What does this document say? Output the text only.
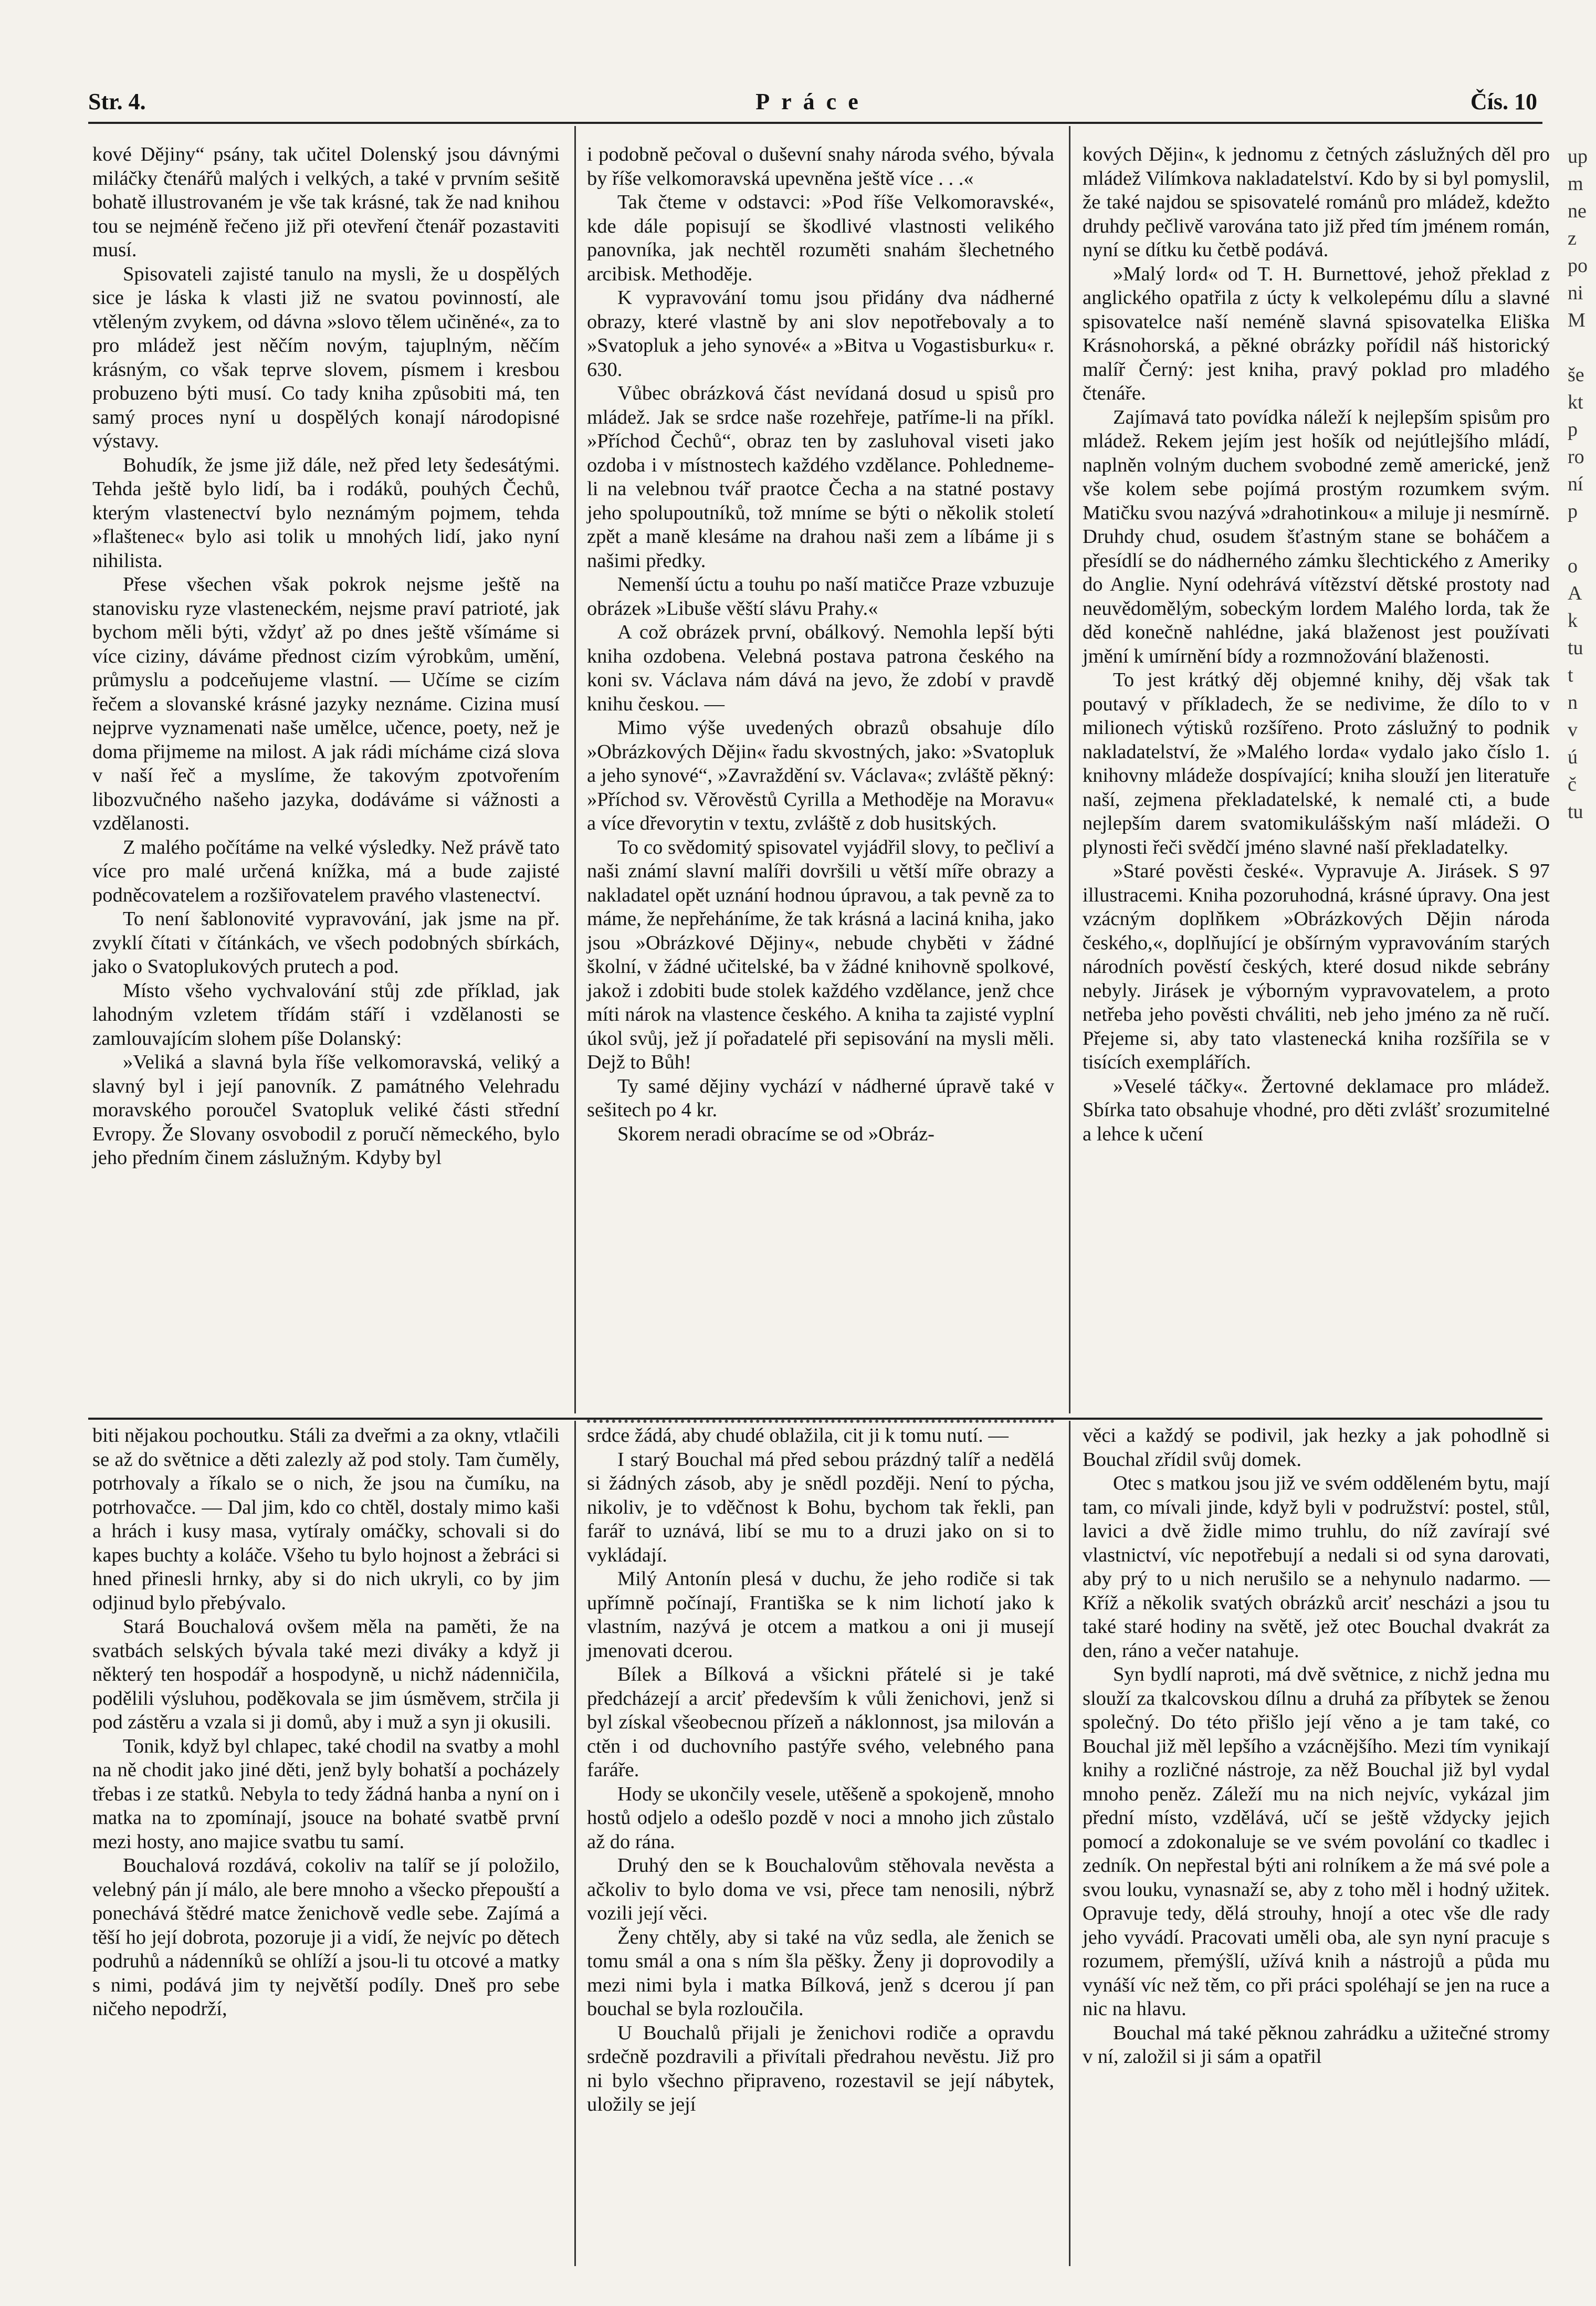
Str. 4.	Práce	Čís. 10

kové Dějiny“ psány, tak učitel Dolenský jsou dávnými miláčky čtenářů malých i velkých, a také v prvním sešitě bohatě illustrovaném je vše tak krásné, tak že nad knihou tou se nejméně řečeno již při otevření čtenář pozastaviti musí.

Spisovateli zajisté tanulo na mysli, že u dospělých sice je láska k vlasti již ne svatou povinností, ale vtěleným zvykem, od dávna »slovo tělem učiněné«, za to pro mládež jest něčím novým, tajuplným, něčím krásným, co však teprve slovem, písmem i kresbou probuzeno býti musí. Co tady kniha způsobiti má, ten samý proces nyní u dospělých konají národopisné výstavy.

Bohudík, že jsme již dále, než před lety šedesátými. Tehda ještě bylo lidí, ba i rodáků, pouhých Čechů, kterým vlastenectví bylo neznámým pojmem, tehda »flaštenec« bylo asi tolik u mnohých lidí, jako nyní nihilista.

Přese všechen však pokrok nejsme ještě na stanovisku ryze vlasteneckém, nejsme praví patrioté, jak bychom měli býti, vždyť až po dnes ještě všímáme si více ciziny, dáváme přednost cizím výrobkům, umění, průmyslu a podceňujeme vlastní. — Učíme se cizím řečem a slovanské krásné jazyky neznáme. Cizina musí nejprve vyznamenati naše umělce, učence, poety, než je doma přijmeme na milost. A jak rádi mícháme cizá slova v naší řeč a myslíme, že takovým zpotvořením libozvučného našeho jazyka, dodáváme si vážnosti a vzdělanosti.

Z malého počítáme na velké výsledky. Než právě tato více pro malé určená knížka, má a bude zajisté podněcovatelem a rozšiřovatelem pravého vlastenectví.

To není šablonovité vypravování, jak jsme na př. zvyklí čítati v čítánkách, ve všech podobných sbírkách, jako o Svatoplukových prutech a pod.

Místo všeho vychvalování stůj zde příklad, jak lahodným vzletem třídám stáří i vzdělanosti se zamlouvajícím slohem píše Dolanský:

»Veliká a slavná byla říše velkomoravská, veliký a slavný byl i její panovník. Z památného Velehradu moravského poroučel Svatopluk veliké části střední Evropy. Že Slovany osvobodil z poručí německého, bylo jeho předním činem záslužným. Kdyby byl

i podobně pečoval o duševní snahy národa svého, bývala by říše velkomoravská upevněna ještě více . . .«

Tak čteme v odstavci: »Pod říše Velkomoravské«, kde dále popisují se škodlivé vlastnosti velikého panovníka, jak nechtěl rozuměti snahám šlechetného arcibisk. Methoděje.

K vypravování tomu jsou přidány dva nádherné obrazy, které vlastně by ani slov nepotřebovaly a to »Svatopluk a jeho synové« a »Bitva u Vogastisburku« r. 630.

Vůbec obrázková část nevídaná dosud u spisů pro mládež. Jak se srdce naše rozehřeje, patříme-li na příkl. »Příchod Čechů“, obraz ten by zasluhoval viseti jako ozdoba i v místnostech každého vzdělance. Pohledneme-li na velebnou tvář praotce Čecha a na statné postavy jeho spolupoutníků, tož mníme se býti o několik století zpět a maně klesáme na drahou naši zem a líbáme ji s našimi předky.

Nemenší úctu a touhu po naší matičce Praze vzbuzuje obrázek »Libuše věští slávu Prahy.«

A což obrázek první, obálkový. Nemohla lepší býti kniha ozdobena. Velebná postava patrona českého na koni sv. Václava nám dává na jevo, že zdobí v pravdě knihu českou. —

Mimo výše uvedených obrazů obsahuje dílo »Obrázkových Dějin« řadu skvostných, jako: »Svatopluk a jeho synové“, »Zavraždění sv. Václava«; zvláště pěkný: »Příchod sv. Věrověstů Cyrilla a Methoděje na Moravu« a více dřevorytin v textu, zvláště z dob husitských.

To co svědomitý spisovatel vyjádřil slovy, to pečliví a naši známí slavní malíři dovršili u větší míře obrazy a nakladatel opět uznání hodnou úpravou, a tak pevně za to máme, že nepřeháníme, že tak krásná a laciná kniha, jako jsou »Obrázkové Dějiny«, nebude chyběti v žádné školní, v žádné učitelské, ba v žádné knihovně spolkové, jakož i zdobiti bude stolek každého vzdělance, jenž chce míti nárok na vlastence českého. A kniha ta zajisté vyplní úkol svůj, jež jí pořadatelé při sepisování na mysli měli. Dejž to Bůh!

Ty samé dějiny vychází v nádherné úpravě také v sešitech po 4 kr.

Skorem neradi obracíme se od »Obráz-

kových Dějin«, k jednomu z četných záslužných děl pro mládež Vilímkova nakladatelství. Kdo by si byl pomyslil, že také najdou se spisovatelé románů pro mládež, kdežto druhdy pečlivě varována tato již před tím jménem román, nyní se dítku ku četbě podává.

»Malý lord« od T. H. Burnettové, jehož překlad z anglického opatřila z úcty k velkolepému dílu a slavné spisovatelce naší neméně slavná spisovatelka Eliška Krásnohorská, a pěkné obrázky pořídil náš historický malíř Černý: jest kniha, pravý poklad pro mladého čtenáře.

Zajímavá tato povídka náleží k nejlepším spisům pro mládež. Rekem jejím jest hošík od nejútlejšího mládí, naplněn volným duchem svobodné země americké, jenž vše kolem sebe pojímá prostým rozumkem svým. Matičku svou nazývá »drahotinkou« a miluje ji nesmírně. Druhdy chud, osudem šťastným stane se boháčem a přesídlí se do nádherného zámku šlechtického z Ameriky do Anglie. Nyní odehrává vítězství dětské prostoty nad neuvědomělým, sobeckým lordem Malého lorda, tak že děd konečně nahlédne, jaká blaženost jest používati jmění k umírnění bídy a rozmnožování blaženosti.

To jest krátký děj objemné knihy, děj však tak poutavý v příkladech, že se nedivime, že dílo to v milionech výtisků rozšířeno. Proto záslužný to podnik nakladatelství, že »Malého lorda« vydalo jako číslo 1. knihovny mládeže dospívající; kniha slouží jen literatuře naší, zejmena překladatelské, k nemalé cti, a bude nejlepším darem svatomikulášským naší mládeži. O plynosti řeči svědčí jméno slavné naší překladatelky.

»Staré pověsti české«. Vypravuje A. Jirásek. S 97 illustracemi. Kniha pozoruhodná, krásné úpravy. Ona jest vzácným doplňkem »Obrázkových Dějin národa českého,«, doplňující je obšírným vypravováním starých národních pověstí českých, které dosud nikde sebrány nebyly. Jirásek je výborným vypravovatelem, a proto netřeba jeho pověsti chváliti, neb jeho jméno za ně ručí. Přejeme si, aby tato vlastenecká kniha rozšířila se v tisících exemplářích.

»Veselé táčky«. Žertovné deklamace pro mládež. Sbírka tato obsahuje vhodné, pro děti zvlášť srozumitelné a lehce k učení

biti nějakou pochoutku. Stáli za dveřmi a za okny, vtlačili se až do světnice a děti zalezly až pod stoly. Tam čuměly, potrhovaly a říkalo se o nich, že jsou na čumíku, na potrhovačce. — Dal jim, kdo co chtěl, dostaly mimo kaši a hrách i kusy masa, vytíraly omáčky, schovali si do kapes buchty a koláče. Všeho tu bylo hojnost a žebráci si hned přinesli hrnky, aby si do nich ukryli, co by jim odjinud bylo přebývalo.

Stará Bouchalová ovšem měla na paměti, že na svatbách selských bývala také mezi diváky a když ji některý ten hospodář a hospodyně, u nichž nádenničila, podělili výsluhou, poděkovala se jim úsměvem, strčila ji pod zástěru a vzala si ji domů, aby i muž a syn ji okusili.

Tonik, když byl chlapec, také chodil na svatby a mohl na ně chodit jako jiné děti, jenž byly bohatší a pocházely třebas i ze statků. Nebyla to tedy žádná hanba a nyní on i matka na to zpomínají, jsouce na bohaté svatbě první mezi hosty, ano majice svatbu tu samí.

Bouchalová rozdává, cokoliv na talíř se jí položilo, velebný pán jí málo, ale bere mnoho a všecko přepouští a ponechává štědré matce ženichově vedle sebe. Zajímá a těší ho její dobrota, pozoruje ji a vidí, že nejvíc po dětech podruhů a nádenníků se ohlíží a jsou-li tu otcové a matky s nimi, podává jim ty největší podíly. Dneš pro sebe ničeho nepodrží,

srdce žádá, aby chudé oblažila, cit ji k tomu nutí. —

I starý Bouchal má před sebou prázdný talíř a nedělá si žádných zásob, aby je snědl později. Není to pýcha, nikoliv, je to vděčnost k Bohu, bychom tak řekli, pan farář to uznává, libí se mu to a druzi jako on si to vykládají.

Milý Antonín plesá v duchu, že jeho rodiče si tak upřímně počínají, Františka se k nim lichotí jako k vlastním, nazývá je otcem a matkou a oni ji musejí jmenovati dcerou.

Bílek a Bílková a všickni přátelé si je také předcházejí a arciť především k vůli ženichovi, jenž si byl získal všeobecnou přízeň a náklonnost, jsa milován a ctěn i od duchovního pastýře svého, velebného pana faráře.

Hody se ukončily vesele, utěšeně a spokojeně, mnoho hostů odjelo a odešlo pozdě v noci a mnoho jich zůstalo až do rána.

Druhý den se k Bouchalovům stěhovala nevěsta a ačkoliv to bylo doma ve vsi, přece tam nenosili, nýbrž vozili její věci.

Ženy chtěly, aby si také na vůz sedla, ale ženich se tomu smál a ona s ním šla pěšky. Ženy ji doprovodily a mezi nimi byla i matka Bílková, jenž s dcerou jí pan bouchal se byla rozloučila.

U Bouchalů přijali je ženichovi rodiče a opravdu srdečně pozdravili a přivítali předrahou nevěstu. Již pro ni bylo všechno připraveno, rozestavil se její nábytek, uložily se její

věci a každý se podivil, jak hezky a jak pohodlně si Bouchal zřídil svůj domek.

Otec s matkou jsou již ve svém odděleném bytu, mají tam, co mívali jinde, když byli v podružství: postel, stůl, lavici a dvě židle mimo truhlu, do níž zavírají své vlastnictví, víc nepotřebují a nedali si od syna darovati, aby prý to u nich nerušilo se a nehynulo nadarmo. — Kříž a několik svatých obrázků arciť nescházi a jsou tu také staré hodiny na světě, jež otec Bouchal dvakrát za den, ráno a večer natahuje.

Syn bydlí naproti, má dvě světnice, z nichž jedna mu slouží za tkalcovskou dílnu a druhá za příbytek se ženou společný. Do této přišlo její věno a je tam také, co Bouchal již měl lepšího a vzácnějšího. Mezi tím vynikají knihy a rozličné nástroje, za něž Bouchal již byl vydal mnoho peněz. Záleží mu na nich nejvíc, vykázal jim přední místo, vzdělává, učí se ještě vždycky jejich pomocí a zdokonaluje se ve svém povolání co tkadlec i zedník. On nepřestal býti ani rolníkem a že má své pole a svou louku, vynasnaží se, aby z toho měl i hodný užitek. Opravuje tedy, dělá strouhy, hnojí a otec vše dle rady jeho vyvádí. Pracovati uměli oba, ale syn nyní pracuje s rozumem, přemýšlí, užívá knih a nástrojů a půda mu vynáší víc než těm, co při práci spoléhají se jen na ruce a nic na hlavu.

Bouchal má také pěknou zahrádku a užitečné stromy v ní, založil si ji sám a opatřil

up
m
ne
z
po
ni
M

še
kt
p
ro
ní
p

o
A
k
tu
t
n
v
ú
č
tu
